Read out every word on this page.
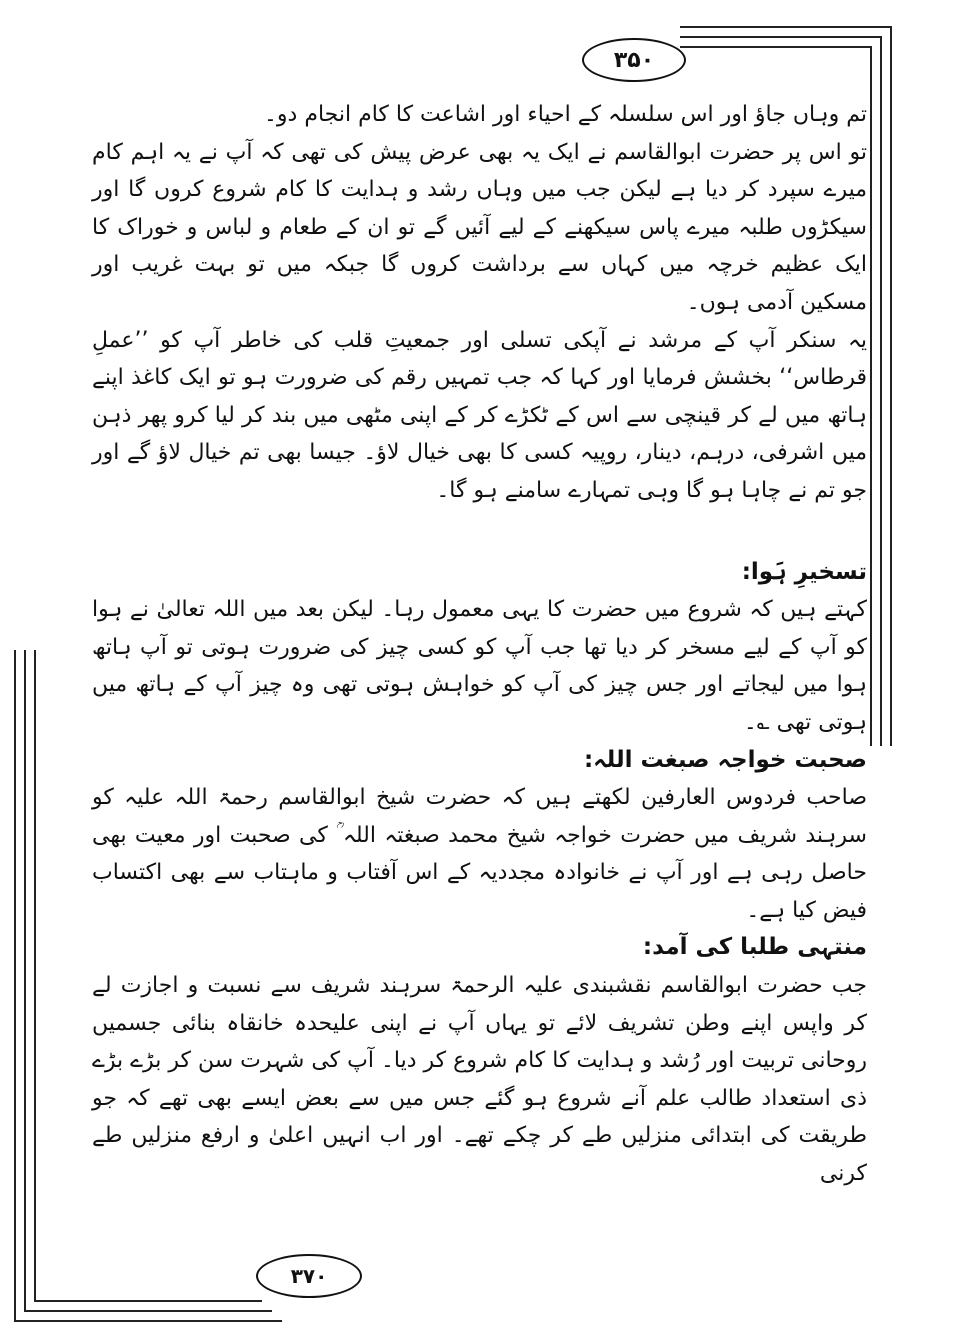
۳۵۰
۳۷۰

تم وہاں جاؤ اور اس سلسلہ کے احیاء اور اشاعت کا کام انجام دو۔

تو اس پر حضرت ابوالقاسم نے ایک یہ بھی عرض پیش کی تھی کہ آپ نے یہ اہم کام میرے سپرد کر دیا ہے لیکن جب میں وہاں رشد و ہدایت کا کام شروع کروں گا اور سیکڑوں طلبہ میرے پاس سیکھنے کے لیے آئیں گے تو ان کے طعام و لباس و خوراک کا ایک عظیم خرچہ میں کہاں سے برداشت کروں گا جبکہ میں تو بہت غریب اور مسکین آدمی ہوں۔

یہ سنکر آپ کے مرشد نے آپکی تسلی اور جمعیتِ قلب کی خاطر آپ کو ’’عملِ قرطاس‘‘ بخشش فرمایا اور کہا کہ جب تمہیں رقم کی ضرورت ہو تو ایک کاغذ اپنے ہاتھ میں لے کر قینچی سے اس کے ٹکڑے کر کے اپنی مٹھی میں بند کر لیا کرو پھر ذہن میں اشرفی، درہم، دینار، روپیہ کسی کا بھی خیال لاؤ۔ جیسا بھی تم خیال لاؤ گے اور جو تم نے چاہا ہو گا وہی تمہارے سامنے ہو گا۔

تسخیرِ ہَوا:

کہتے ہیں کہ شروع میں حضرت کا یہی معمول رہا۔ لیکن بعد میں اللہ تعالیٰ نے ہوا کو آپ کے لیے مسخر کر دیا تھا جب آپ کو کسی چیز کی ضرورت ہوتی تو آپ ہاتھ ہوا میں لیجاتے اور جس چیز کی آپ کو خواہش ہوتی تھی وہ چیز آپ کے ہاتھ میں ہوتی تھی ؎۔

صحبت خواجہ صبغت اللہ:

صاحب فردوس العارفین لکھتے ہیں کہ حضرت شیخ ابوالقاسم رحمۃ اللہ علیہ کو سرہند شریف میں حضرت خواجہ شیخ محمد صبغتہ اللہ ؒ کی صحبت اور معیت بھی حاصل رہی ہے اور آپ نے خانوادہ مجددیہ کے اس آفتاب و ماہتاب سے بھی اکتساب فیض کیا ہے۔

منتہی طلبا کی آمد:

جب حضرت ابوالقاسم نقشبندی علیہ الرحمۃ سرہند شریف سے نسبت و اجازت لے کر واپس اپنے وطن تشریف لائے تو یہاں آپ نے اپنی علیحدہ خانقاہ بنائی جسمیں روحانی تربیت اور رُشد و ہدایت کا کام شروع کر دیا۔ آپ کی شہرت سن کر بڑے بڑے ذی استعداد طالب علم آنے شروع ہو گئے جس میں سے بعض ایسے بھی تھے کہ جو طریقت کی ابتدائی منزلیں طے کر چکے تھے۔ اور اب انہیں اعلیٰ و ارفع منزلیں طے کرنی
